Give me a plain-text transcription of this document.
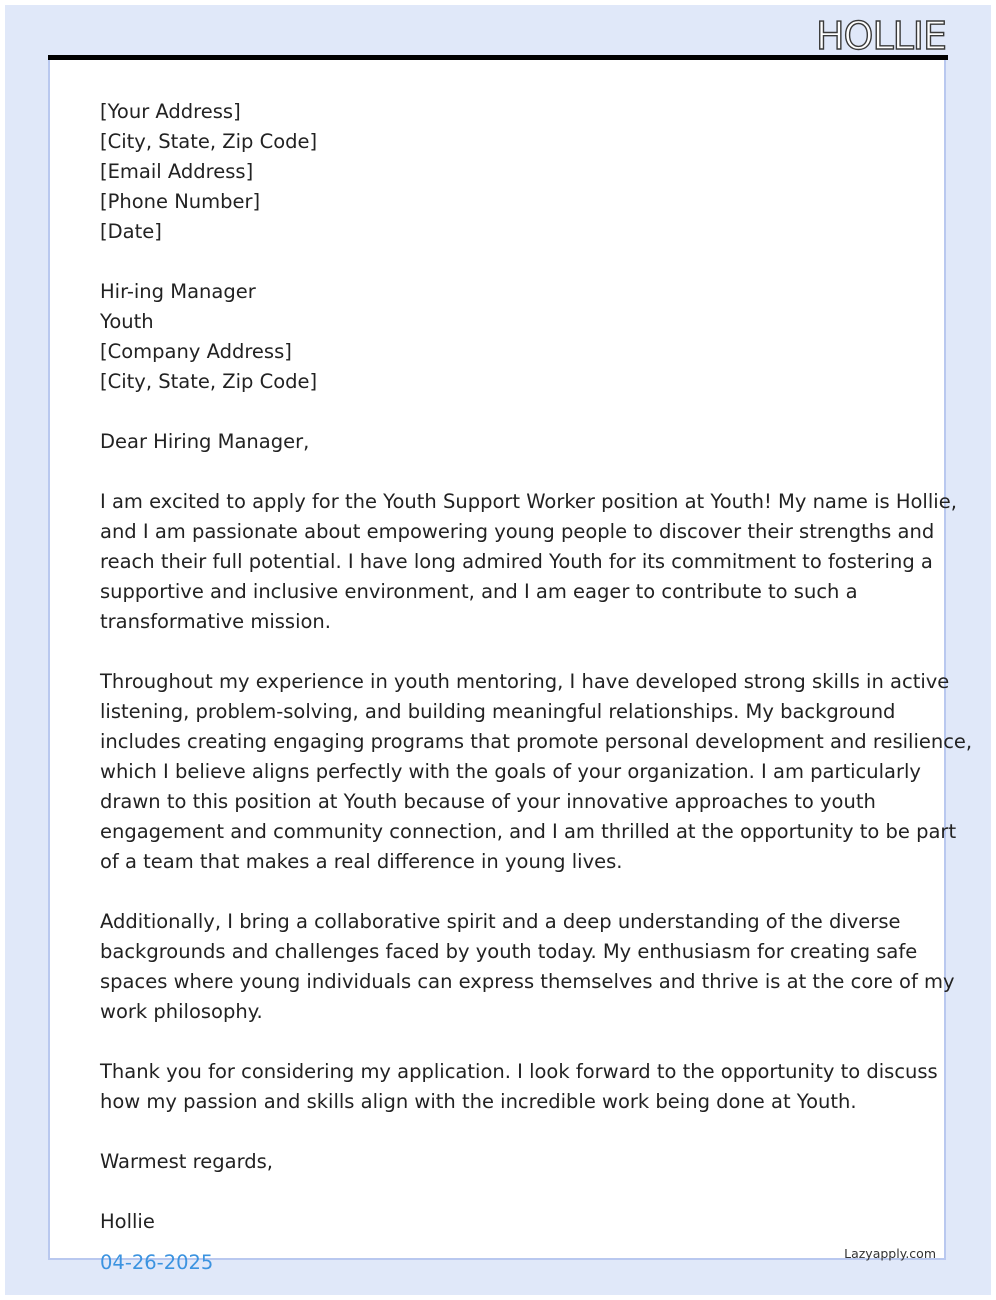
HOLLIE
[Your Address]
[City, State, Zip Code]
[Email Address]
[Phone Number]
[Date]
Hir-ing Manager
Youth
[Company Address]
[City, State, Zip Code]
Dear Hiring Manager,
I am excited to apply for the Youth Support Worker position at Youth! My name is Hollie,
and I am passionate about empowering young people to discover their strengths and
reach their full potential. I have long admired Youth for its commitment to fostering a
supportive and inclusive environment, and I am eager to contribute to such a
transformative mission.
Throughout my experience in youth mentoring, I have developed strong skills in active
listening, problem-solving, and building meaningful relationships. My background
includes creating engaging programs that promote personal development and resilience,
which I believe aligns perfectly with the goals of your organization. I am particularly
drawn to this position at Youth because of your innovative approaches to youth
engagement and community connection, and I am thrilled at the opportunity to be part
of a team that makes a real difference in young lives.
Additionally, I bring a collaborative spirit and a deep understanding of the diverse
backgrounds and challenges faced by youth today. My enthusiasm for creating safe
spaces where young individuals can express themselves and thrive is at the core of my
work philosophy.
Thank you for considering my application. I look forward to the opportunity to discuss
how my passion and skills align with the incredible work being done at Youth.
Warmest regards,
Hollie
04-26-2025	Lazyapply.com
